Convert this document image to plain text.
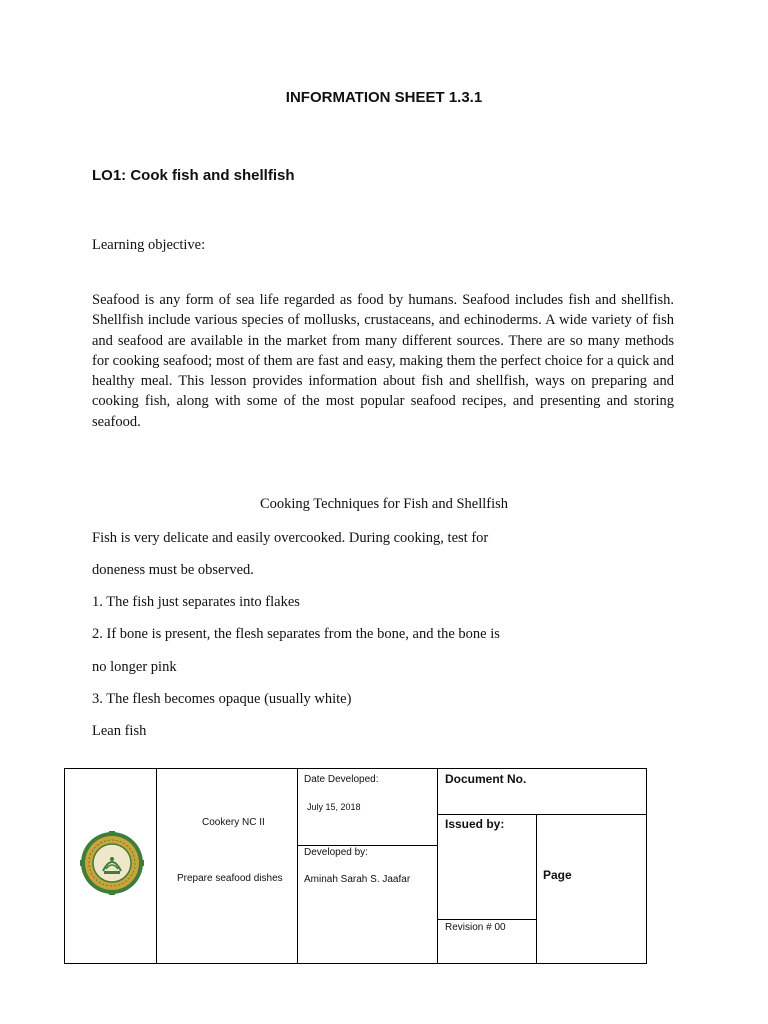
INFORMATION SHEET 1.3.1
LO1: Cook fish and shellfish
Learning objective:

Seafood is any form of sea life regarded as food by humans. Seafood includes fish and shellfish. Shellfish include various species of mollusks, crustaceans, and echinoderms. A wide variety of fish and seafood are available in the market from many different sources. There are so many methods for cooking seafood; most of them are fast and easy, making them the perfect choice for a quick and healthy meal. This lesson provides information about fish and shellfish, ways on preparing and cooking fish, along with some of the most popular seafood recipes, and presenting and storing seafood.

Cooking Techniques for Fish and Shellfish
Fish is very delicate and easily overcooked. During cooking, test for
doneness must be observed.
1. The fish just separates into flakes
2. If bone is present, the flesh separates from the bone, and the bone is
no longer pink
3. The flesh becomes opaque (usually white)
Lean fish
Cookery NC II
Prepare seafood dishes
Date Developed:
July 15, 2018
Developed by:
Aminah Sarah S. Jaafar
Document No.
Issued by:
Revision # 00
Page
